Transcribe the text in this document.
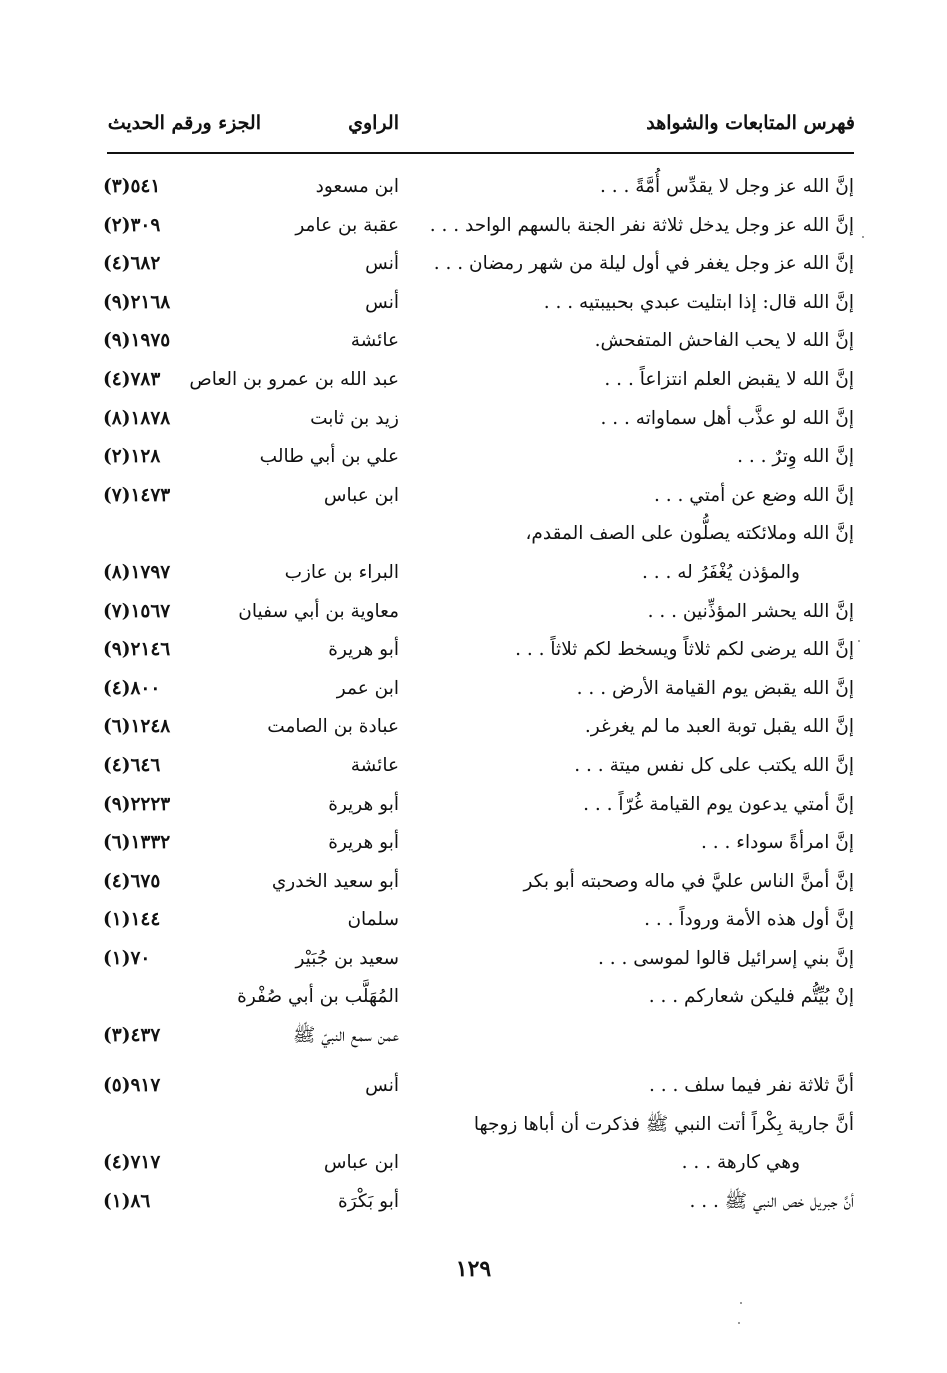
فهرس المتابعات والشواهد
الراوي
الجزء ورقم الحديث
إنَّ الله عز وجل لا يقدِّس أُمَّةً . . .
ابن مسعود
٥٤١(٣)
إنَّ الله عز وجل يدخل ثلاثة نفر الجنة بالسهم الواحد . . .
عقبة بن عامر
٣٠٩(٢)
إنَّ الله عز وجل يغفر في أول ليلة من شهر رمضان . . .
أنس
٦٨٢(٤)
إنَّ الله قال: إذا ابتليت عبدي بحبيبتيه . . .
أنس
٢١٦٨(٩)
إنَّ الله لا يحب الفاحش المتفحش.
عائشة
١٩٧٥(٩)
إنَّ الله لا يقبض العلم انتزاعاً . . .
عبد الله بن عمرو بن العاص
٧٨٣(٤)
إنَّ الله لو عذَّب أهل سماواته . . .
زيد بن ثابت
١٨٧٨(٨)
إنَّ الله وِترٌ . . .
علي بن أبي طالب
١٢٨(٢)
إنَّ الله وضع عن أمتي . . .
ابن عباس
١٤٧٣(٧)
إنَّ الله وملائكته يصلُّون على الصف المقدم،
والمؤذن يُغْفَرُ له . . .
البراء بن عازب
١٧٩٧(٨)
إنَّ الله يحشر المؤذِّنين . . .
معاوية بن أبي سفيان
١٥٦٧(٧)
إنَّ الله يرضى لكم ثلاثاً ويسخط لكم ثلاثاً . . .
أبو هريرة
٢١٤٦(٩)
إنَّ الله يقبض يوم القيامة الأرض . . .
ابن عمر
٨٠٠(٤)
إنَّ الله يقبل توبة العبد ما لم يغرغر.
عبادة بن الصامت
١٢٤٨(٦)
إنَّ الله يكتب على كل نفس ميتة . . .
عائشة
٦٤٦(٤)
إنَّ أمتي يدعون يوم القيامة غُرّاً . . .
أبو هريرة
٢٢٢٣(٩)
إنَّ امرأةً سوداء . . .
أبو هريرة
١٣٣٢(٦)
إنَّ أمنَّ الناس عليَّ في ماله وصحبته أبو بكر
أبو سعيد الخدري
٦٧٥(٤)
إنَّ أول هذه الأمة وروداً . . .
سلمان
١٤٤(١)
إنَّ بني إسرائيل قالوا لموسى . . .
سعيد بن جُبَيْر
٧٠(١)
إنْ بُيِّتُّم فليكن شعاركم . . .
المُهَلَّب بن أبي صُفْرة
عمن سمع النبيّ ﷺ
٤٣٧(٣)
أنَّ ثلاثة نفر فيما سلف . . .
أنس
٩١٧(٥)
أنَّ جارية بِكْراً أتت النبي ﷺ فذكرت أن أباها زوجها
وهي كارهة . . .
ابن عباس
٧١٧(٤)
أنَّ جبريل خص النبي ﷺ . . .
أبو بَكْرَة
٨٦(١)
١٢٩
